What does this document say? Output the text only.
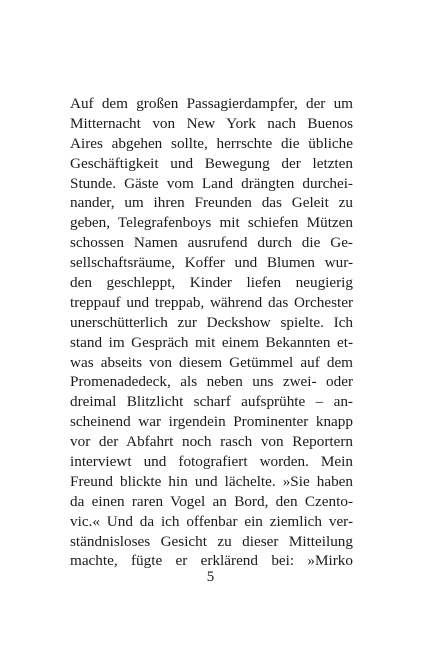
Auf dem großen Passagierdampfer, der um
Mitternacht von New York nach Buenos
Aires abgehen sollte, herrschte die übliche
Geschäftigkeit und Bewegung der letzten
Stunde. Gäste vom Land drängten durchei-
nander, um ihren Freunden das Geleit zu
geben, Telegrafenboys mit schiefen Mützen
schossen Namen ausrufend durch die Ge-
sellschaftsräume, Koffer und Blumen wur-
den geschleppt, Kinder liefen neugierig
treppauf und treppab, während das Orchester
unerschütterlich zur Deckshow spielte. Ich
stand im Gespräch mit einem Bekannten et-
was abseits von diesem Getümmel auf dem
Promenadedeck, als neben uns zwei- oder
dreimal Blitzlicht scharf aufsprühte – an-
scheinend war irgendein Prominenter knapp
vor der Abfahrt noch rasch von Reportern
interviewt und fotografiert worden. Mein
Freund blickte hin und lächelte. »Sie haben
da einen raren Vogel an Bord, den Czento-
vic.« Und da ich offenbar ein ziemlich ver-
ständnisloses Gesicht zu dieser Mitteilung
machte, fügte er erklärend bei: »Mirko
5
